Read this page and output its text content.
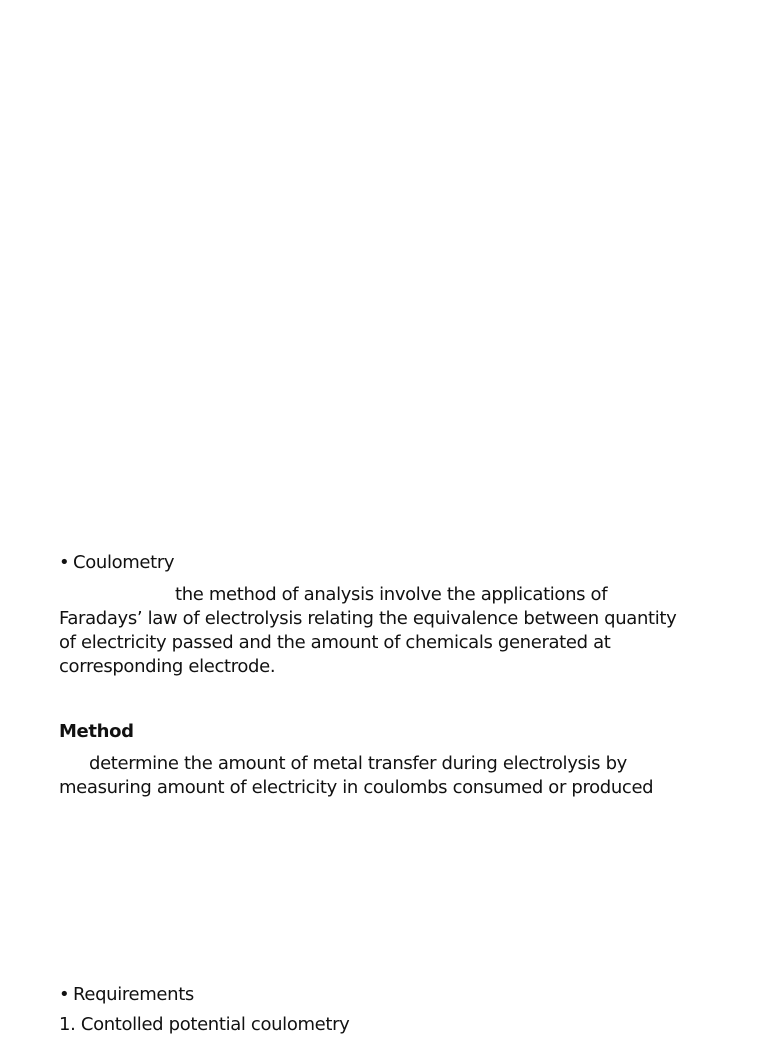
• Coulometry
the method of analysis involve the applications of
Faradays’ law of electrolysis relating the equivalence between quantity
of electricity passed and the amount of chemicals generated at
corresponding electrode.
Method
determine the amount of metal transfer during electrolysis by
measuring amount of electricity in coulombs consumed or produced
• Requirements
1. Contolled potential coulometry
